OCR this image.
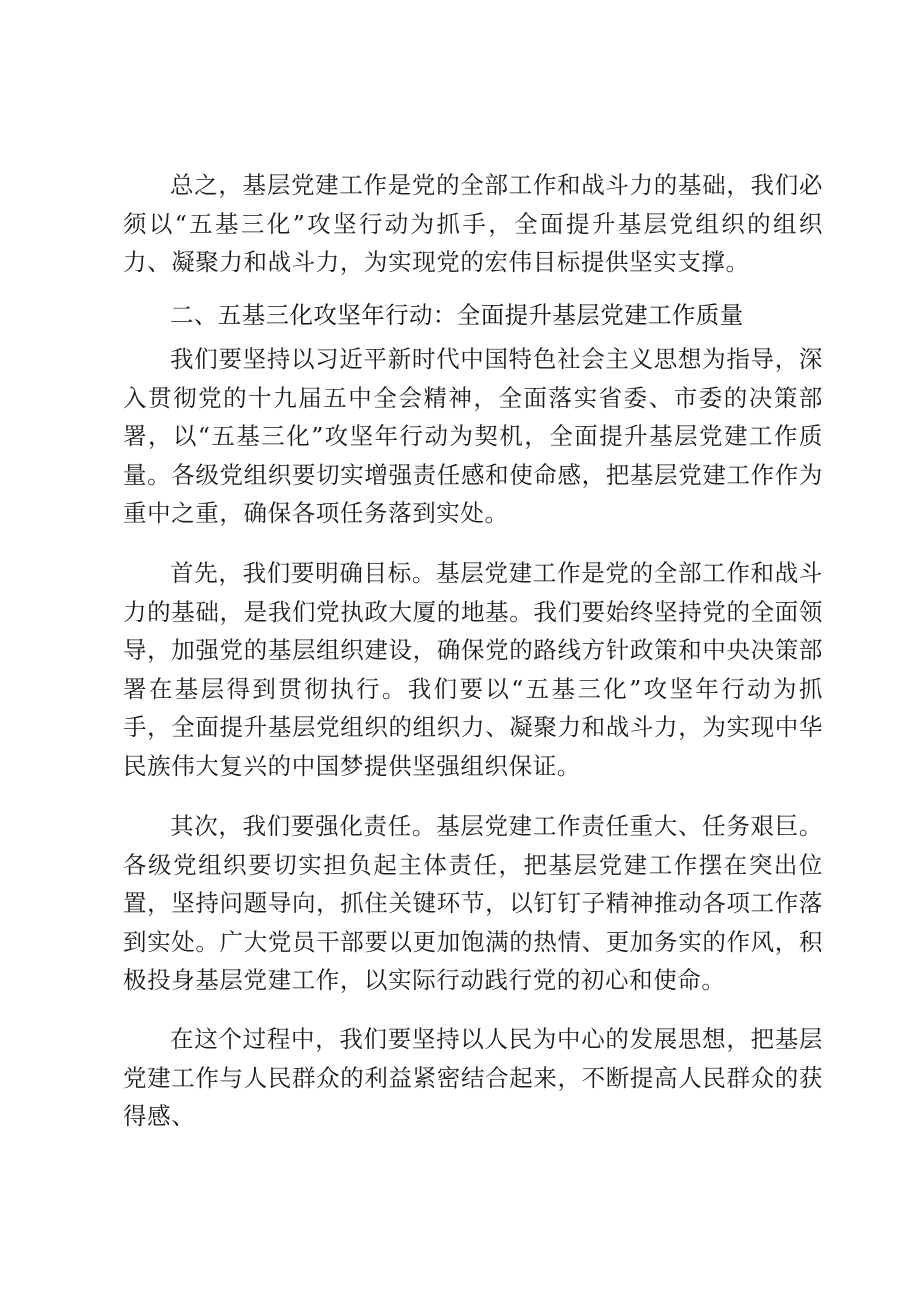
总之，基层党建工作是党的全部工作和战斗力的基础，我们必须以“五基三化”攻坚行动为抓手，全面提升基层党组织的组织力、凝聚力和战斗力，为实现党的宏伟目标提供坚实支撑。

二、五基三化攻坚年行动：全面提升基层党建工作质量

我们要坚持以习近平新时代中国特色社会主义思想为指导，深入贯彻党的十九届五中全会精神，全面落实省委、市委的决策部署，以“五基三化”攻坚年行动为契机，全面提升基层党建工作质量。各级党组织要切实增强责任感和使命感，把基层党建工作作为重中之重，确保各项任务落到实处。

首先，我们要明确目标。基层党建工作是党的全部工作和战斗力的基础，是我们党执政大厦的地基。我们要始终坚持党的全面领导，加强党的基层组织建设，确保党的路线方针政策和中央决策部署在基层得到贯彻执行。我们要以“五基三化”攻坚年行动为抓手，全面提升基层党组织的组织力、凝聚力和战斗力，为实现中华民族伟大复兴的中国梦提供坚强组织保证。

其次，我们要强化责任。基层党建工作责任重大、任务艰巨。各级党组织要切实担负起主体责任，把基层党建工作摆在突出位置，坚持问题导向，抓住关键环节，以钉钉子精神推动各项工作落到实处。广大党员干部要以更加饱满的热情、更加务实的作风，积极投身基层党建工作，以实际行动践行党的初心和使命。

在这个过程中，我们要坚持以人民为中心的发展思想，把基层党建工作与人民群众的利益紧密结合起来，不断提高人民群众的获得感、
